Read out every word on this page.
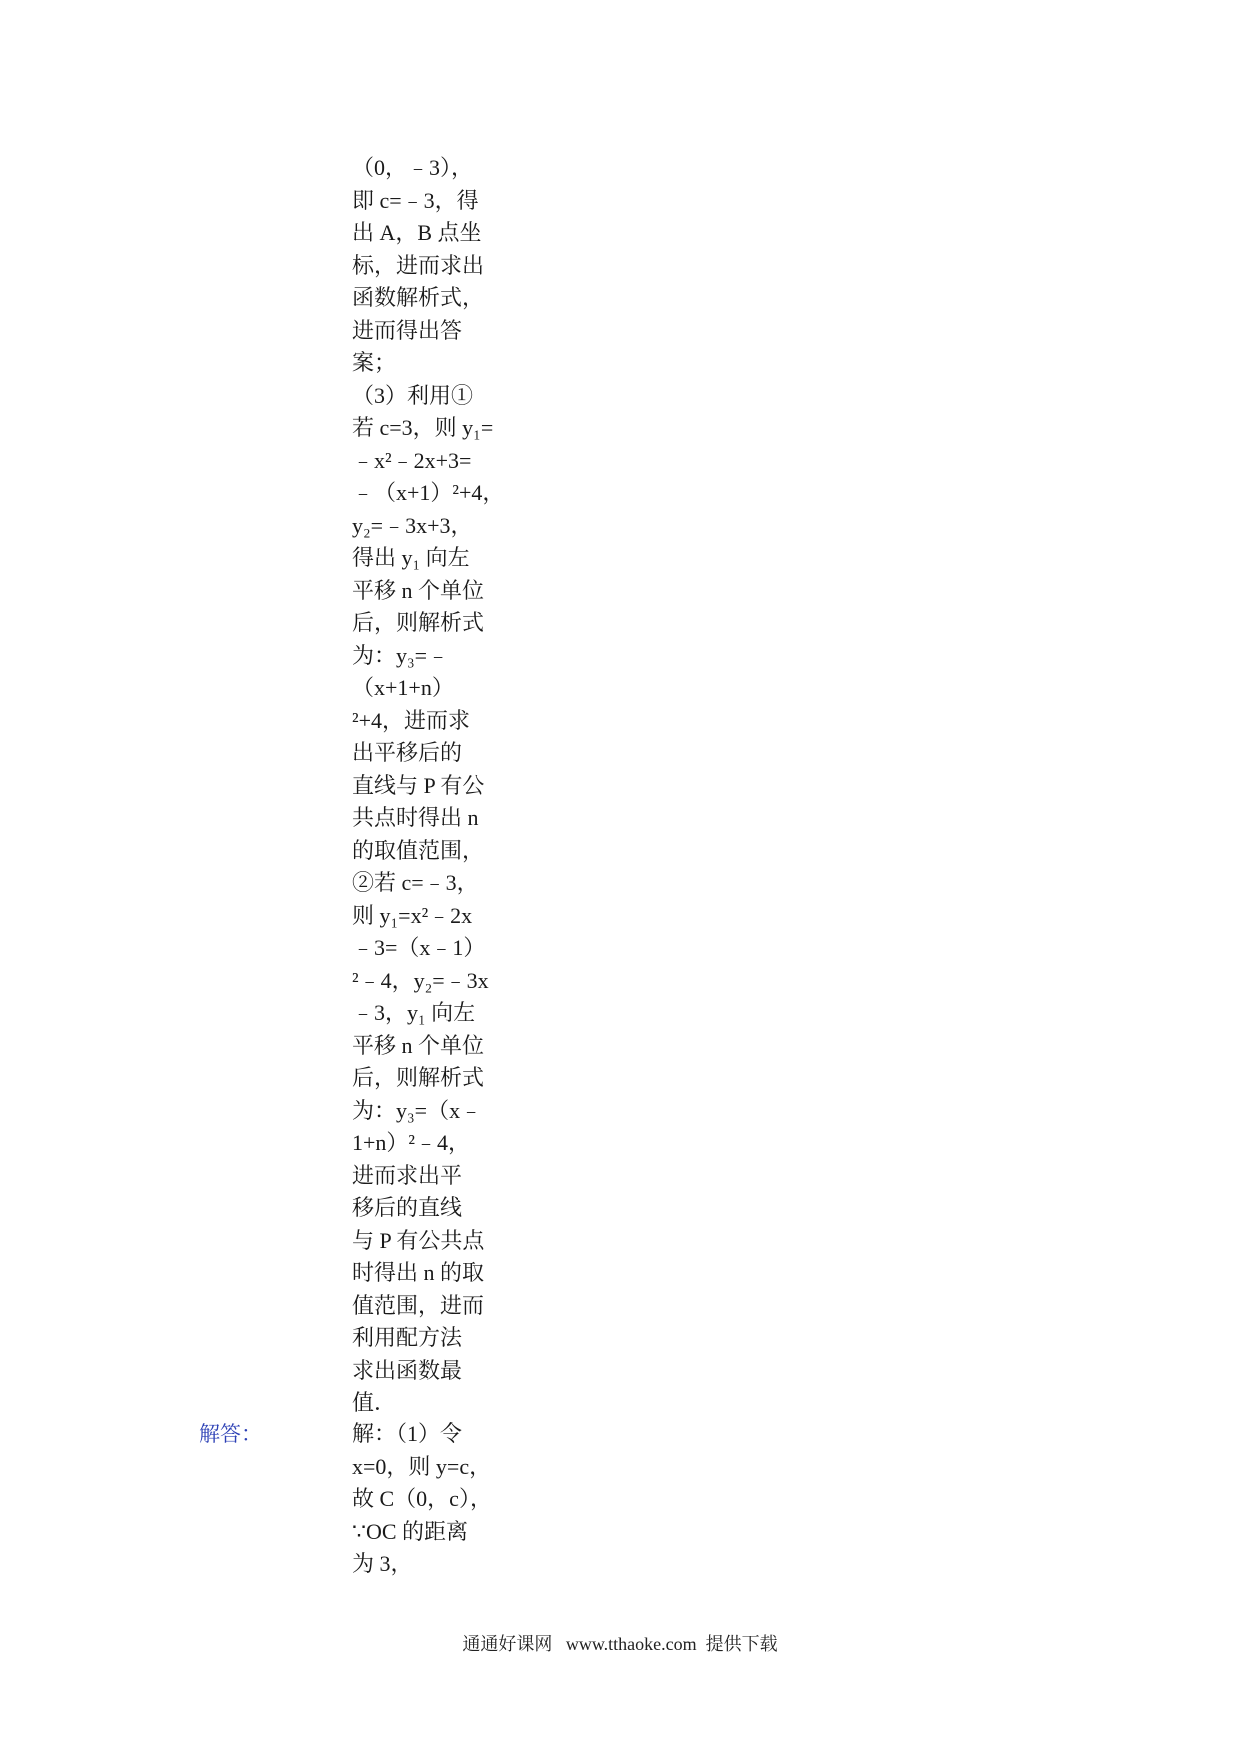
（0，﹣3），
即 c=﹣3，得
出 A，B 点坐
标，进而求出
函数解析式，
进而得出答
案；
（3）利用①
若 c=3，则 y₁=
﹣x²﹣2x+3=
﹣（x+1）²+4，
y₂=﹣3x+3，
得出 y₁ 向左
平移 n 个单位
后，则解析式
为：y₃=﹣
（x+1+n）
²+4，进而求
出平移后的
直线与 P 有公
共点时得出 n
的取值范围，
②若 c=﹣3，
则 y₁=x²﹣2x
﹣3=（x﹣1）
²﹣4，y₂=﹣3x
﹣3，y₁ 向左
平移 n 个单位
后，则解析式
为：y₃=（x﹣
1+n）²﹣4，
进而求出平
移后的直线
与 P 有公共点
时得出 n 的取
值范围，进而
利用配方法
求出函数最
值．
解答：	解：（1）令
x=0，则 y=c，
故 C（0，c），
∵OC 的距离
为 3，
通通好课网   www.tthaoke.com  提供下载
